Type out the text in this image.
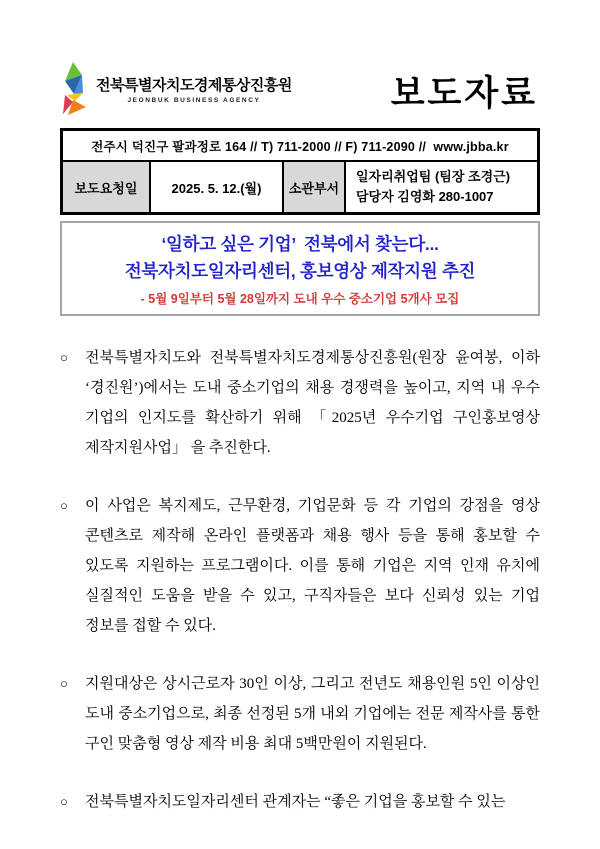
전북특별자치도경제통상진흥원
JEONBUK BUSINESS AGENCY	보도자료
전주시 덕진구 팔과정로 164 // T) 711-2000 // F) 711-2090 //  www.jbba.kr
보도요청일	2025. 5. 12.(월)	소관부서
일자리취업팀 (팀장 조경근)
담당자 김영화 280-1007
‘일하고 싶은 기업’  전북에서 찾는다...
전북자치도일자리센터, 홍보영상 제작지원 추진
- 5월 9일부터 5월 28일까지 도내 우수 중소기업 5개사 모집

○ 전북특별자치도와 전북특별자치도경제통상진흥원(원장 윤여봉, 이하 ‘경진원’)에서는 도내 중소기업의 채용 경쟁력을 높이고, 지역 내 우수 기업의 인지도를 확산하기 위해 「2025년 우수기업 구인홍보영상 제작지원사업」 을 추진한다.

○ 이 사업은 복지제도, 근무환경, 기업문화 등 각 기업의 강점을 영상 콘텐츠로 제작해 온라인 플랫폼과 채용 행사 등을 통해 홍보할 수 있도록 지원하는 프로그램이다. 이를 통해 기업은 지역 인재 유치에 실질적인 도움을 받을 수 있고, 구직자들은 보다 신뢰성 있는 기업 정보를 접할 수 있다.

○ 지원대상은 상시근로자 30인 이상, 그리고 전년도 채용인원 5인 이상인 도내 중소기업으로, 최종 선정된 5개 내외 기업에는 전문 제작사를 통한 구인 맞춤형 영상 제작 비용 최대 5백만원이 지원된다.

○ 전북특별자치도일자리센터 관계자는 “좋은 기업을 홍보할 수 있는
